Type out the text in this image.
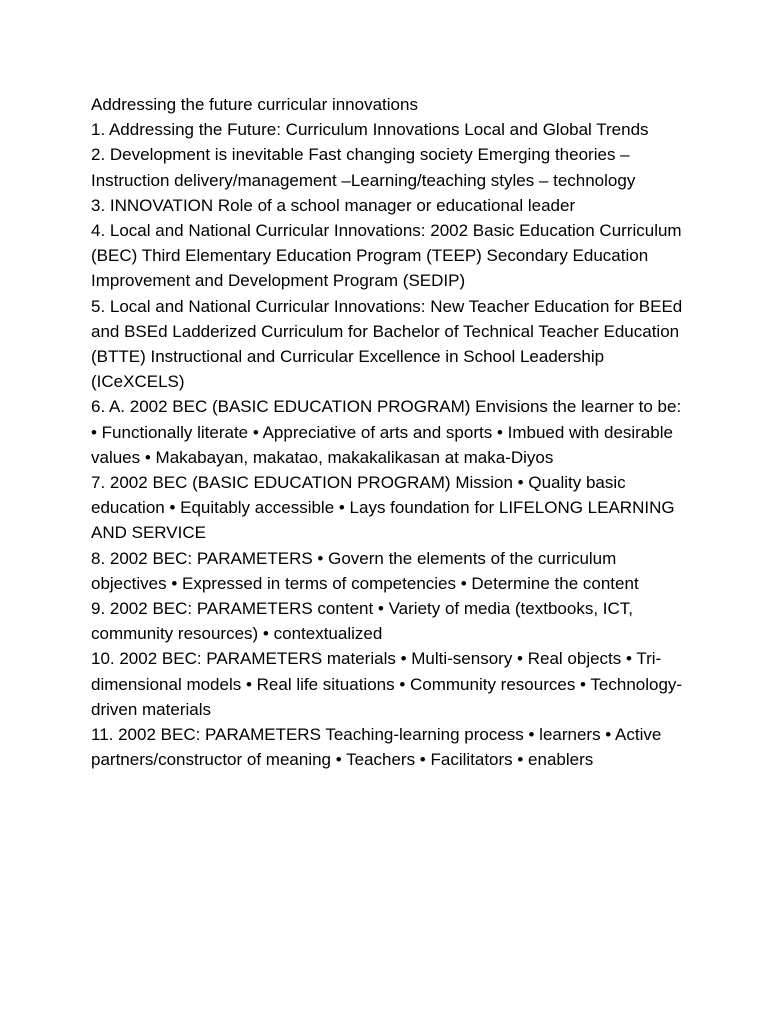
Addressing the future curricular innovations

1. Addressing the Future: Curriculum Innovations Local and Global Trends

2. Development is inevitable Fast changing society Emerging theories – Instruction delivery/management –Learning/teaching styles – technology

3. INNOVATION Role of a school manager or educational leader

4. Local and National Curricular Innovations: 2002 Basic Education Curriculum (BEC) Third Elementary Education Program (TEEP) Secondary Education Improvement and Development Program (SEDIP)

5. Local and National Curricular Innovations: New Teacher Education for BEEd and BSEd Ladderized Curriculum for Bachelor of Technical Teacher Education (BTTE) Instructional and Curricular Excellence in School Leadership (ICeXCELS)

6. A. 2002 BEC (BASIC EDUCATION PROGRAM) Envisions the learner to be: • Functionally literate • Appreciative of arts and sports • Imbued with desirable values • Makabayan, makatao, makakalikasan at maka-Diyos

7. 2002 BEC (BASIC EDUCATION PROGRAM) Mission • Quality basic education • Equitably accessible • Lays foundation for LIFELONG LEARNING AND SERVICE

8. 2002 BEC: PARAMETERS • Govern the elements of the curriculum objectives • Expressed in terms of competencies • Determine the content

9. 2002 BEC: PARAMETERS content • Variety of media (textbooks, ICT, community resources) • contextualized

10. 2002 BEC: PARAMETERS materials • Multi-sensory • Real objects • Tri-dimensional models • Real life situations • Community resources • Technology-driven materials

11. 2002 BEC: PARAMETERS Teaching-learning process • learners • Active partners/constructor of meaning • Teachers • Facilitators • enablers
